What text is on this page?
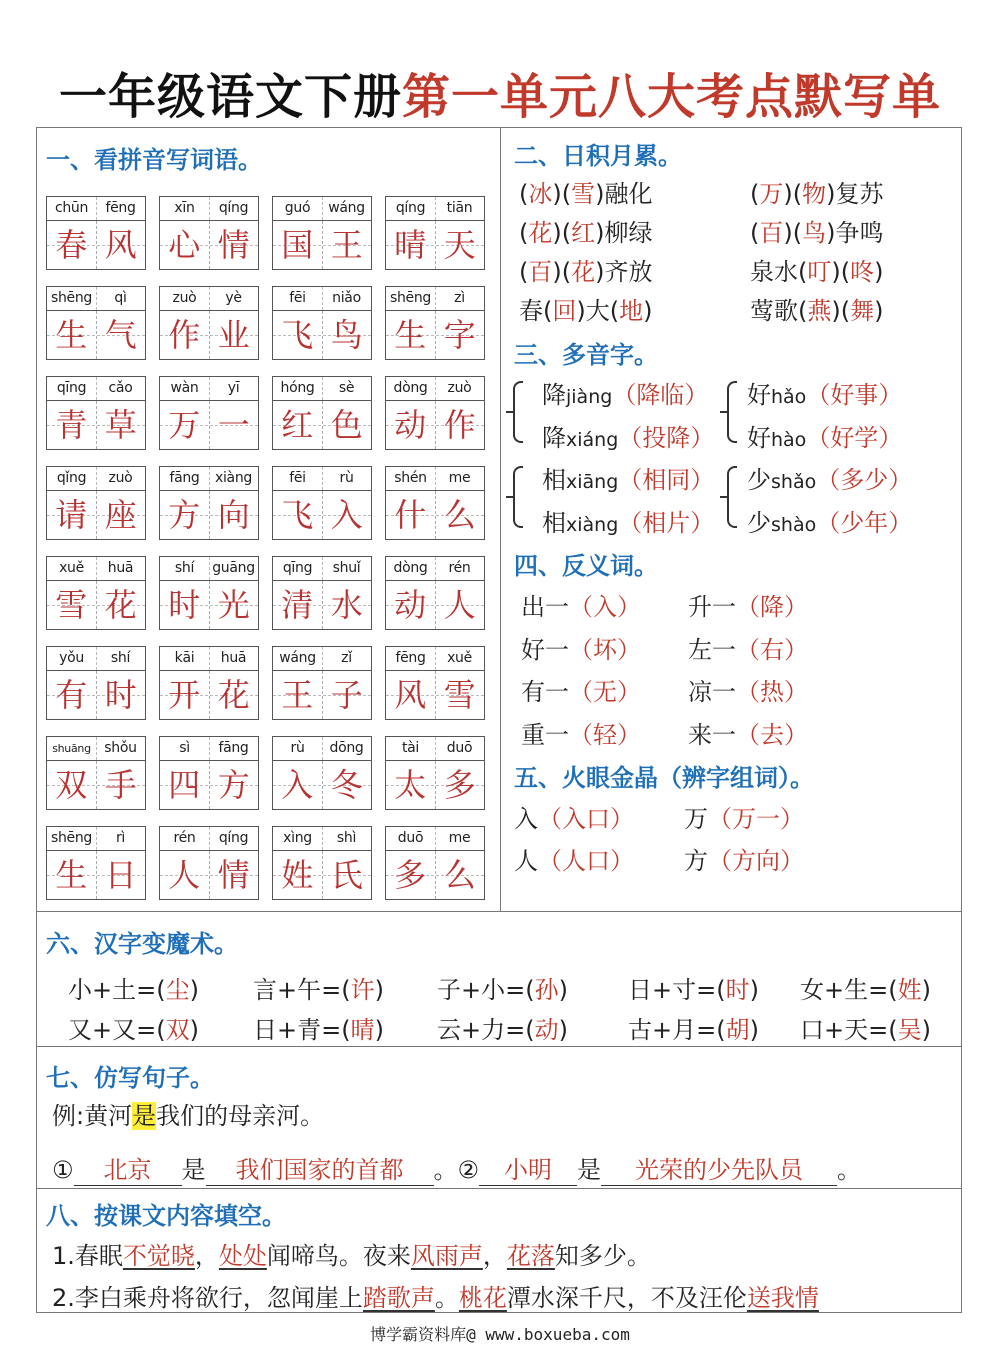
一年级语文下册第一单元八大考点默写单
一、看拼音写词语。
chūn	fēng
春 风
xīn	qíng
心 情
guó	wáng
国 王
qíng	tiān
晴 天
shēng	qì
生 气
zuò	yè
作 业
fēi	niǎo
飞 鸟
shēng	zì
生 字
qīng	cǎo
青 草
wàn	yī
万 一
hóng	sè
红 色
dòng	zuò
动 作
qǐng	zuò
请 座
fāng	xiàng
方 向
fēi	rù
飞 入
shén	me
什 么
xuě	huā
雪 花
shí	guāng
时 光
qīng	shuǐ
清 水
dòng	rén
动 人
yǒu	shí
有 时
kāi	huā
开 花
wáng	zǐ
王 子
fēng	xuě
风 雪
shuāng shǒu
双 手
sì	fāng
四 方
rù	dōng
入 冬
tài	duō
太 多
shēng	rì
生 日
rén	qíng
人 情
xìng	shì
姓 氏
duō	me
多 么
二、日积月累。
(冰)(雪)融化	(万)(物)复苏
(花)(红)柳绿	(百)(鸟)争鸣
(百)(花)齐放	泉水(叮)(咚)
春(回)大(地)	莺歌(燕)(舞)
三、多音字。
降jiàng（降临）
降xiáng（投降）
好hǎo（好事）
好hào（好学）
相xiāng（相同）
相xiàng（相片）
少shǎo（多少）
少shào（少年）
四、反义词。
出一（入） 升一（降）
好一（坏） 左一（右）
有一（无） 凉一（热）
重一（轻） 来一（去）
五、火眼金晶（辨字组词）。
入（入口） 万（万一）
人（人口） 方（方向）
六、汉字变魔术。
小+土=(尘) 言+午=(许) 子+小=(孙)	日+寸=(时) 女+生=(姓)
又+又=(双) 日+青=(晴) 云+力=(动)	古+月=(胡) 口+天=(吴)
七、仿写句子。
例:黄河是我们的母亲河。
① 北京 是 我们国家的首都 。② 小明 是 光荣的少先队员 。
八、按课文内容填空。
1.春眠不觉晓，处处闻啼鸟。夜来风雨声，花落知多少。
2.李白乘舟将欲行，忽闻崖上踏歌声。桃花潭水深千尺，不及汪伦送我情
博学霸资料库@ www.boxueba.com
